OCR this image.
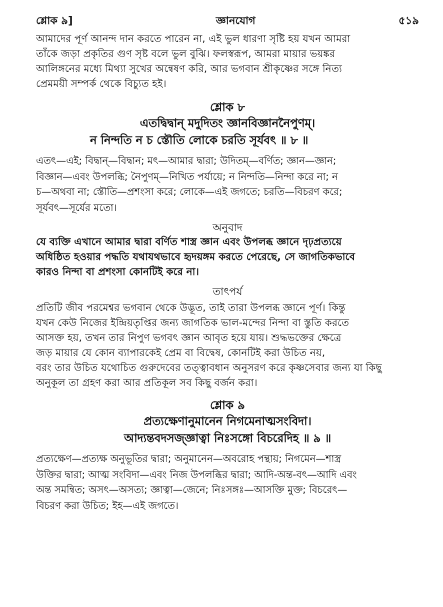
শ্লোক ৯]	জ্ঞানযোগ	৫১৯

আমাদের পূর্ণ আনন্দ দান করতে পারেন না, এই ভুল ধারণা সৃষ্টি হয় যখন আমরা

তাঁকে জড়া প্রকৃতির গুণ সৃষ্ট বলে ভুল বুঝি। ফলস্বরূপ, আমরা মায়ার ভয়ঙ্কর

আলিঙ্গনের মধ্যে মিথ্যা সুখের অন্বেষণ করি, আর ভগবান শ্রীকৃষ্ণের সঙ্গে নিত্য

প্রেমময়ী সম্পর্ক থেকে বিচ্যুত হই।

শ্লোক ৮

এতদ্বিদ্বান্‌ মদুদিতং জ্ঞানবিজ্ঞাননৈপুণম্‌।

ন নিন্দতি ন চ স্তৌতি লোকে চরতি সূর্যবৎ ॥ ৮ ॥

এতৎ—এই; বিদ্বান্‌—বিদ্বান; মৎ—আমার দ্বারা; উদিতম্‌—বর্ণিত; জ্ঞান—জ্ঞান;

বিজ্ঞান—এবং উপলব্ধি; নৈপুণম্‌—নিখিত পর্যায়ে; ন নিন্দতি—নিন্দা করে না; ন

চ—অথবা না; স্তৌতি—প্রশংসা করে; লোকে—এই জগতে; চরতি—বিচরণ করে;

সূর্যবৎ—সূর্যের মতো।

অনুবাদ

যে ব্যক্তি এখানে আমার দ্বারা বর্ণিত শাস্ত্র জ্ঞান এবং উপলব্ধ জ্ঞানে দৃঢ়প্রত্যয়ে

অধিষ্ঠিত হওয়ার পদ্ধতি যথাযথভাবে হৃদয়ঙ্গম করতে পেরেছে, সে জাগতিকভাবে

কারও নিন্দা বা প্রশংসা কোনটিই করে না।

তাৎপর্য

প্রতিটি জীব পরমেশ্বর ভগবান থেকে উদ্ভূত, তাই তারা উপলব্ধ জ্ঞানে পূর্ণ। কিন্তু

যখন কেউ নিজের ইন্দ্রিয়তৃপ্তির জন্য জাগতিক ভাল-মন্দের নিন্দা বা স্তুতি করতে

আসক্ত হয়, তখন তার নিপুণ ভগবৎ জ্ঞান আবৃত হয়ে যায়। শুদ্ধভক্তের ক্ষেত্রে

জড় মায়ার যে কোন ব্যাপারকেই প্রেম বা বিদ্বেষ, কোনটিই করা উচিত নয়,

বরং তার উচিত যথোচিত গুরুদেবের তত্ত্বাবধান অনুসরণ করে কৃষ্ণসেবার জন্য যা কিছু

অনুকূল তা গ্রহণ করা আর প্রতিকূল সব কিছু বর্জন করা।

শ্লোক ৯

প্রত্যক্ষেণানুমানেন নিগমেনাত্মসংবিদা।

আদ্যন্তবদসজ্‌জ্ঞাত্বা নিঃসঙ্গো বিচরেদিহ ॥ ৯ ॥

প্রত্যক্ষেণ—প্রত্যক্ষ অনুভূতির দ্বারা; অনুমানেন—অবরোহ পন্থায়; নিগমেন—শাস্ত্র

উক্তির দ্বারা; আত্ম সংবিদা—এবং নিজ উপলব্ধির দ্বারা; আদি-অন্ত-বৎ—আদি এবং

অন্ত সমন্বিত; অসৎ—অসত্য; জ্ঞাত্বা—জেনে; নিঃসঙ্গঃ—আসক্তি মুক্ত; বিচরেৎ—

বিচরণ করা উচিত; ইহ—এই জগতে।
